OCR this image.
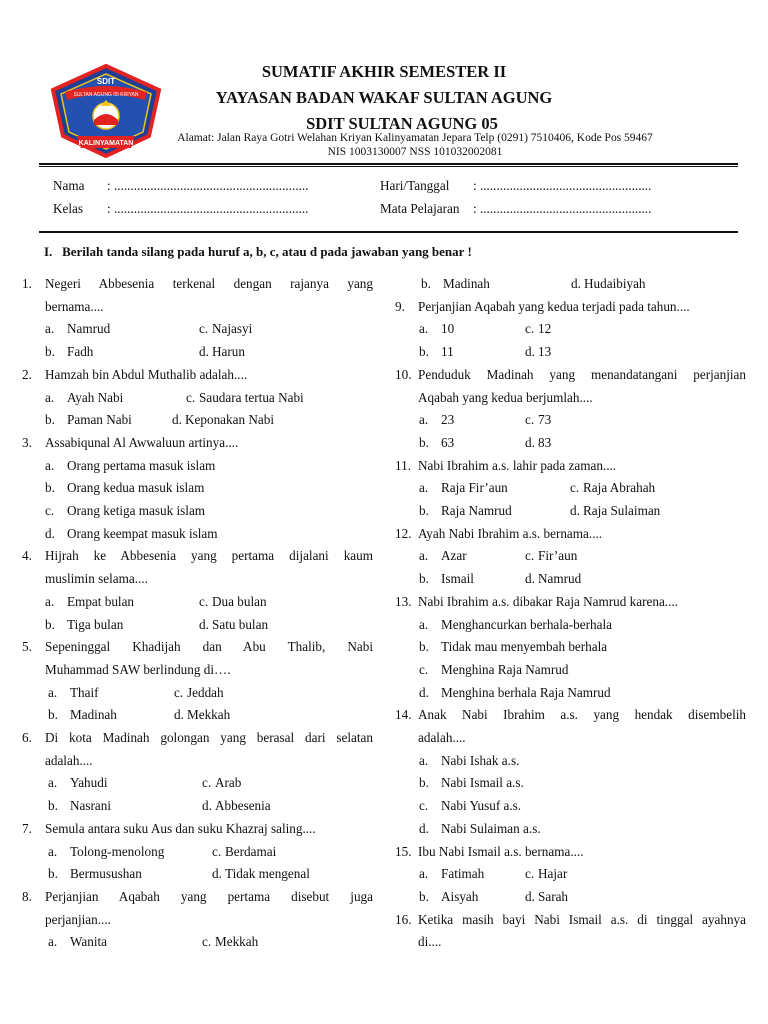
SDIT
SULTAN AGUNG 05 KRIYAN
KALINYAMATAN
SUMATIF AKHIR SEMESTER II
YAYASAN BADAN WAKAF SULTAN AGUNG
SDIT SULTAN AGUNG 05
Alamat: Jalan Raya Gotri Welahan Kriyan Kalinyamatan Jepara Telp (0291) 7510406, Kode Pos 59467
NIS 1003130007 NSS 101032002081
Nama : ...........................................................
Kelas : ...........................................................
Hari/Tanggal : ....................................................
Mata Pelajaran : ....................................................
I. Berilah tanda silang pada huruf a, b, c, atau d pada jawaban yang benar !
1. Negeri Abbesenia terkenal dengan rajanya yang
bernama....
a. Namrud	c. Najasyi
b. Fadh	d. Harun
2. Hamzah bin Abdul Muthalib adalah....
a. Ayah Nabi	c. Saudara tertua Nabi
b. Paman Nabi	d. Keponakan Nabi
3. Assabiqunal Al Awwaluun artinya....
a. Orang pertama masuk islam
b. Orang kedua masuk islam
c. Orang ketiga masuk islam
d. Orang keempat masuk islam
4. Hijrah ke Abbesenia yang pertama dijalani kaum
muslimin selama....
a. Empat bulan	c. Dua bulan
b. Tiga bulan	d. Satu bulan
5. Sepeninggal Khadijah dan Abu Thalib, Nabi
Muhammad SAW berlindung di….
a. Thaif	c. Jeddah
b. Madinah	d. Mekkah
6. Di kota Madinah golongan yang berasal dari selatan
adalah....
a. Yahudi	c. Arab
b. Nasrani	d. Abbesenia
7. Semula antara suku Aus dan suku Khazraj saling....
a. Tolong-menolong	c. Berdamai
b. Bermusushan	d. Tidak mengenal
8. Perjanjian Aqabah yang pertama disebut juga
perjanjian....
a. Wanita	c. Mekkah
b. Madinah	d. Hudaibiyah
9. Perjanjian Aqabah yang kedua terjadi pada tahun....
a. 10	c. 12
b. 11	d. 13
10. Penduduk Madinah yang menandatangani perjanjian
Aqabah yang kedua berjumlah....
a. 23	c. 73
b. 63	d. 83
11. Nabi Ibrahim a.s. lahir pada zaman....
a. Raja Fir’aun	c. Raja Abrahah
b. Raja Namrud	d. Raja Sulaiman
12. Ayah Nabi Ibrahim a.s. bernama....
a. Azar	c. Fir’aun
b. Ismail	d. Namrud
13. Nabi Ibrahim a.s. dibakar Raja Namrud karena....
a. Menghancurkan berhala-berhala
b. Tidak mau menyembah berhala
c. Menghina Raja Namrud
d. Menghina berhala Raja Namrud
14. Anak Nabi Ibrahim a.s. yang hendak disembelih
adalah....
a. Nabi Ishak a.s.
b. Nabi Ismail a.s.
c. Nabi Yusuf a.s.
d. Nabi Sulaiman a.s.
15. Ibu Nabi Ismail a.s. bernama....
a. Fatimah	c. Hajar
b. Aisyah	d. Sarah
16. Ketika masih bayi Nabi Ismail a.s. di tinggal ayahnya
di....
